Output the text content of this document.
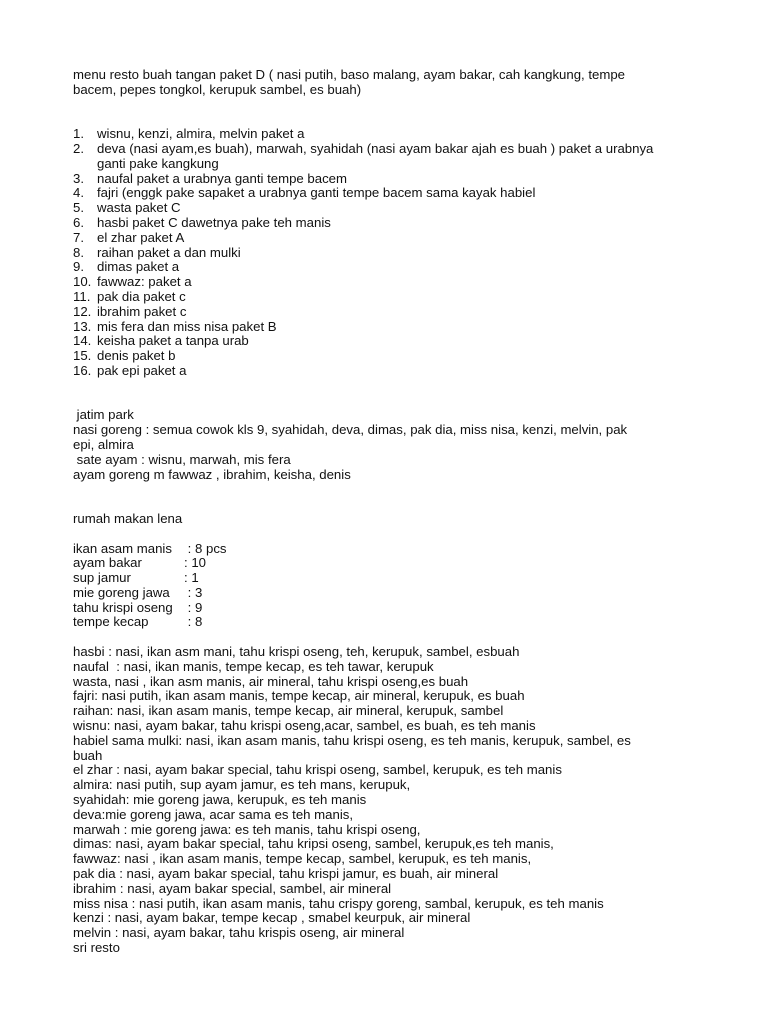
menu resto buah tangan paket D ( nasi putih, baso malang, ayam bakar, cah kangkung, tempe
bacem, pepes tongkol, kerupuk sambel, es buah)
1. wisnu, kenzi, almira, melvin paket a
2. deva (nasi ayam,es buah), marwah, syahidah (nasi ayam bakar ajah es buah ) paket a urabnya
ganti pake kangkung
3. naufal paket a urabnya ganti tempe bacem
4. fajri (enggk pake sapaket a urabnya ganti tempe bacem sama kayak habiel
5. wasta paket C
6. hasbi paket C dawetnya pake teh manis
7. el zhar paket A
8. raihan paket a dan mulki
9. dimas paket a
10. fawwaz: paket a
11. pak dia paket c
12. ibrahim paket c
13. mis fera dan miss nisa paket B
14. keisha paket a tanpa urab
15. denis paket b
16. pak epi paket a
jatim park
nasi goreng : semua cowok kls 9, syahidah, deva, dimas, pak dia, miss nisa, kenzi, melvin, pak
epi, almira
sate ayam : wisnu, marwah, mis fera
ayam goreng m fawwaz , ibrahim, keisha, denis
rumah makan lena
ikan asam manis : 8 pcs
ayam bakar	: 10
sup jamur	: 1
mie goreng jawa	: 3
tahu krispi oseng : 9
tempe kecap	: 8
hasbi : nasi, ikan asm mani, tahu krispi oseng, teh, kerupuk, sambel, esbuah
naufal  : nasi, ikan manis, tempe kecap, es teh tawar, kerupuk
wasta, nasi , ikan asm manis, air mineral, tahu krispi oseng,es buah
fajri: nasi putih, ikan asam manis, tempe kecap, air mineral, kerupuk, es buah
raihan: nasi, ikan asam manis, tempe kecap, air mineral, kerupuk, sambel
wisnu: nasi, ayam bakar, tahu krispi oseng,acar, sambel, es buah, es teh manis
habiel sama mulki: nasi, ikan asam manis, tahu krispi oseng, es teh manis, kerupuk, sambel, es
buah
el zhar : nasi, ayam bakar special, tahu krispi oseng, sambel, kerupuk, es teh manis
almira: nasi putih, sup ayam jamur, es teh mans, kerupuk,
syahidah: mie goreng jawa, kerupuk, es teh manis
deva:mie goreng jawa, acar sama es teh manis,
marwah : mie goreng jawa: es teh manis, tahu krispi oseng,
dimas: nasi, ayam bakar special, tahu kripsi oseng, sambel, kerupuk,es teh manis,
fawwaz: nasi , ikan asam manis, tempe kecap, sambel, kerupuk, es teh manis,
pak dia : nasi, ayam bakar special, tahu krispi jamur, es buah, air mineral
ibrahim : nasi, ayam bakar special, sambel, air mineral
miss nisa : nasi putih, ikan asam manis, tahu crispy goreng, sambal, kerupuk, es teh manis
kenzi : nasi, ayam bakar, tempe kecap , smabel keurpuk, air mineral
melvin : nasi, ayam bakar, tahu krispis oseng, air mineral
sri resto
